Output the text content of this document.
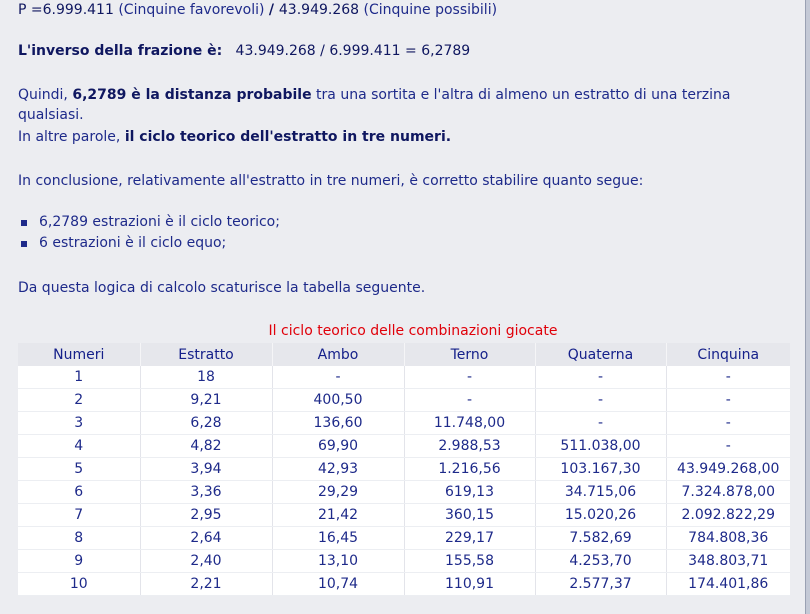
P =6.999.411 (Cinquine favorevoli) / 43.949.268 (Cinquine possibili)

L'inverso della frazione è:   43.949.268 / 6.999.411 = 6,2789

Quindi, 6,2789 è la distanza probabile tra una sortita e l'altra di almeno un estratto di una terzina qualsiasi.

In altre parole, il ciclo teorico dell'estratto in tre numeri.

In conclusione, relativamente all'estratto in tre numeri, è corretto stabilire quanto segue:

6,2789 estrazioni è il ciclo teorico;
6 estrazioni è il ciclo equo;

Da questa logica di calcolo scaturisce la tabella seguente.

Il ciclo teorico delle combinazioni giocate
Numeri	Estratto	Ambo	Terno	Quaterna	Cinquina
1	18	-	-	-	-
2	9,21	400,50	-	-	-
3	6,28	136,60	11.748,00	-	-
4	4,82	69,90	2.988,53	511.038,00	-
5	3,94	42,93	1.216,56	103.167,30	43.949.268,00
6	3,36	29,29	619,13	34.715,06	7.324.878,00
7	2,95	21,42	360,15	15.020,26	2.092.822,29
8	2,64	16,45	229,17	7.582,69	784.808,36
9	2,40	13,10	155,58	4.253,70	348.803,71
10	2,21	10,74	110,91	2.577,37	174.401,86
